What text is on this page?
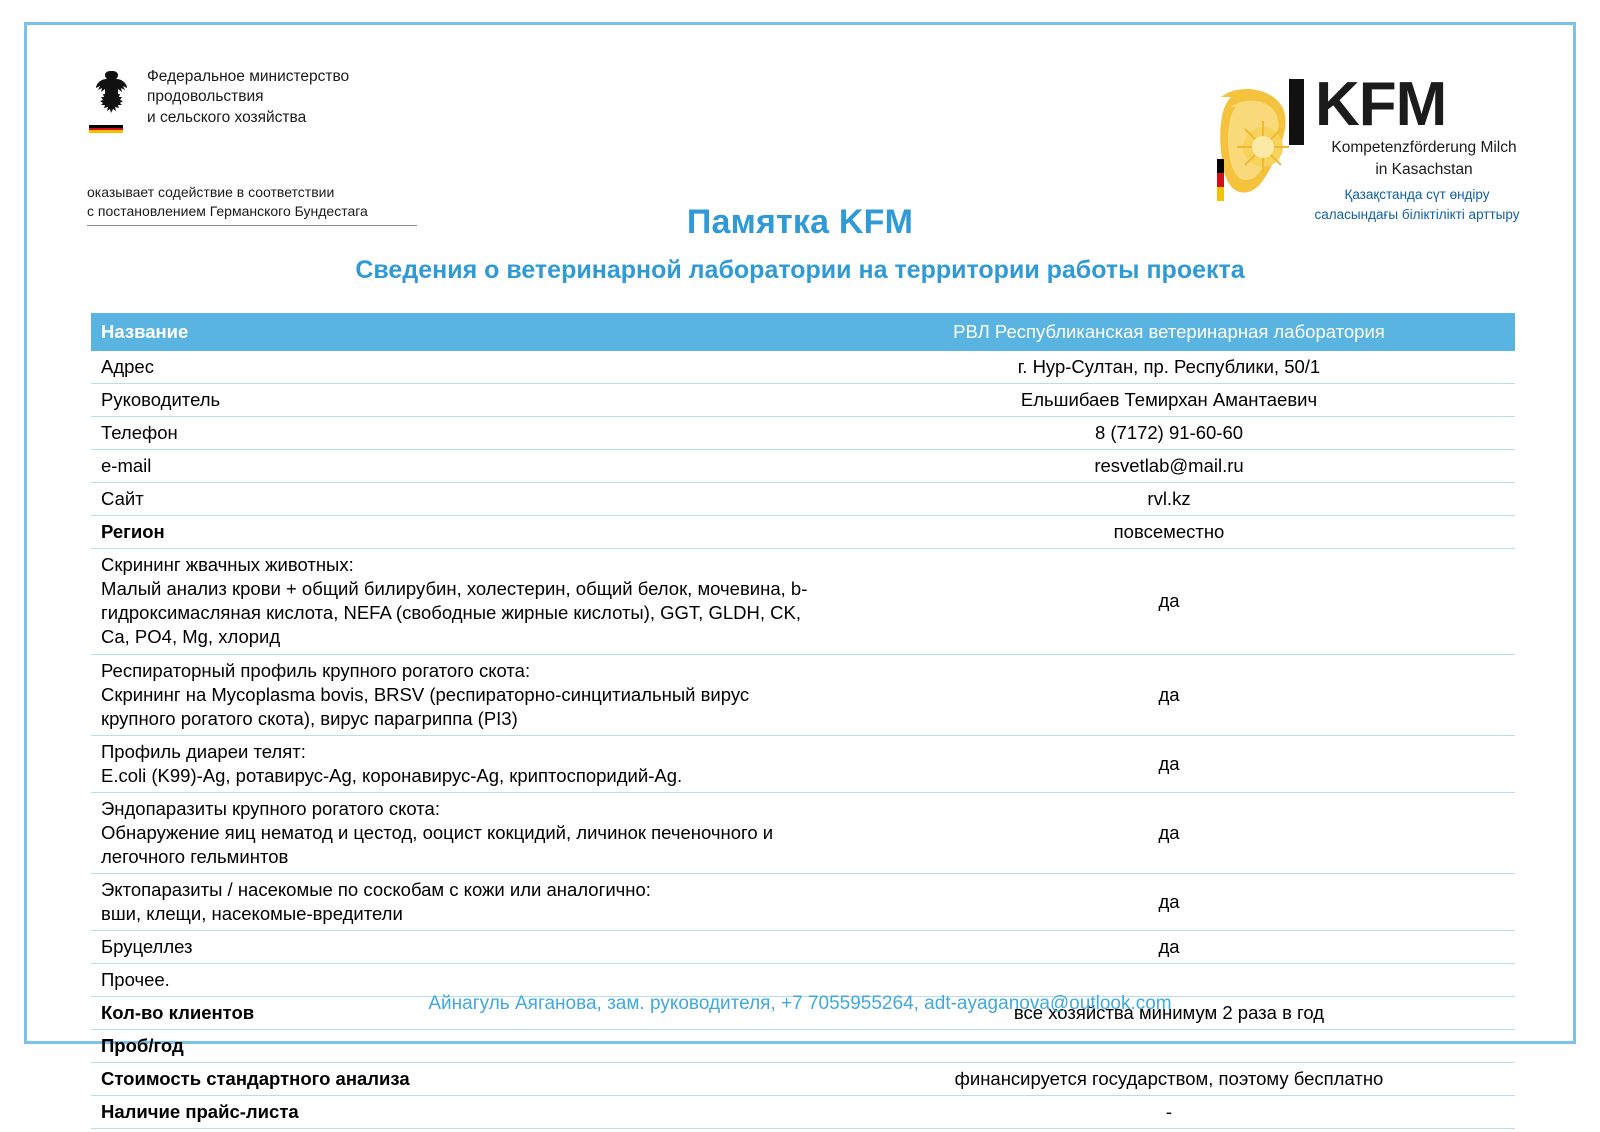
Федеральное министерство
продовольствия
и сельского хозяйства
оказывает содействие в соответствии
с постановлением Германского Бундестага
KFM
Kompetenzförderung Milch
in Kasachstan
Қазақстанда сүт өндіру
саласындағы біліктілікті арттыру
Памятка KFM
Сведения о ветеринарной лаборатории на территории работы проекта
Название	РВЛ Республиканская ветеринарная лаборатория

Адрес	г. Нур-Султан, пр. Республики, 50/1

Руководитель	Ельшибаев Темирхан Амантаевич

Телефон	8 (7172) 91-60-60

e-mail	resvetlab@mail.ru

Сайт	rvl.kz

Регион	повсеместно

Скрининг жвачных животных:
Малый анализ крови + общий билирубин, холестерин, общий белок, мочевина, b-гидроксимасляная кислота, NEFA (свободные жирные кислоты), GGT, GLDH, CK, Ca, PO4, Mg, хлорид	да

Респираторный профиль крупного рогатого скота:
Скрининг на Mycoplasma bovis, BRSV (респираторно-синцитиальный вирус крупного рогатого скота), вирус парагриппа (PI3)	да

Профиль диареи телят:
E.coli (K99)-Ag, ротавирус-Ag, коронавирус-Ag, криптоспоридий-Ag.	да

Эндопаразиты крупного рогатого скота:
Обнаружение яиц нематод и цестод, ооцист кокцидий, личинок печеночного и легочного гельминтов	да

Эктопаразиты / насекомые по соскобам с кожи или аналогично:
вши, клещи, насекомые-вредители	да

Бруцеллез	да

Прочее.	

Кол-во клиентов	все хозяйства минимум 2 раза в год

Проб/год	

Стоимость стандартного анализа	финансируется государством, поэтому бесплатно

Наличие прайс-листа	-
Айнагуль Аяганова, зам. руководителя, +7 7055955264, adt-ayaganova@outlook.com
